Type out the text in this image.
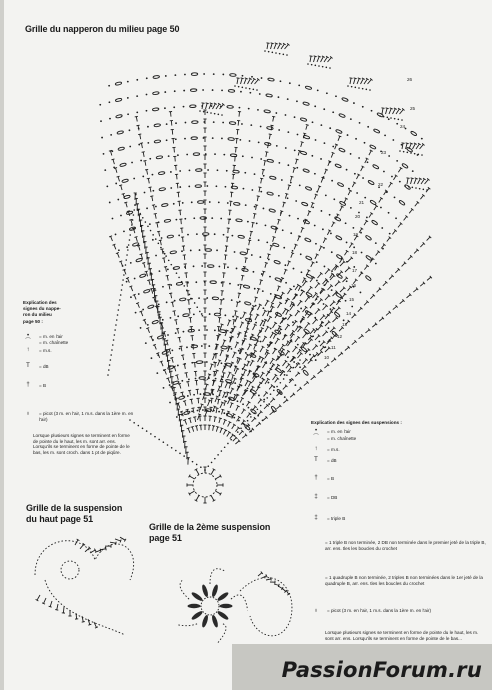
Grille du napperon du milieu page 50

Grille de la suspension

du haut page 51

Grille de la 2ème suspension

page 51

Explication des

signes du nappe-

ron du milieu

page 50 :

•	= m. en l'air
⌒	= m. chaînette
↑	= m.s.
T	= dB
†	= B
♁	= picot (3 m. en l'air, 1 m.s. dans la 1ère m. en l'air)

Lorsque plusieurs signes se terminent en forme de pointe du le haut, les m. sont arr. ens. Lorsqu'ils se terminent en forme de pointe de le bas, les m. sont croch. dans 1 pt de piqûre.

Explication des signes des suspensions :

•	= m. en l'air
⌒	= m. chaînette
↑	= m.s.
T	= dB
†	= B
‡	= DB
‡	= triple B

= 1 triple B non terminée, 2 DB non terminée dans le premier jeté de la triple B, arr. ens. tles les boucles du crochet

= 1 quadruple B non terminée, 2 triples B non terminées dans le 1er jeté de la quadruple B, arr. ens. tles les boucles du crochet

♁	= picot (3 m. en l'air, 1 m.s. dans la 1ère m. en l'air)

Lorsque plusieurs signes se terminent en forme de pointe du le haut, les m. sont arr. ens. Lorsqu'ils se terminent en forme de pointe de le bas...

26
25
24
23
22
21
20
19
18
17
16
15
14
13
12
11
10
PassionForum.ru
